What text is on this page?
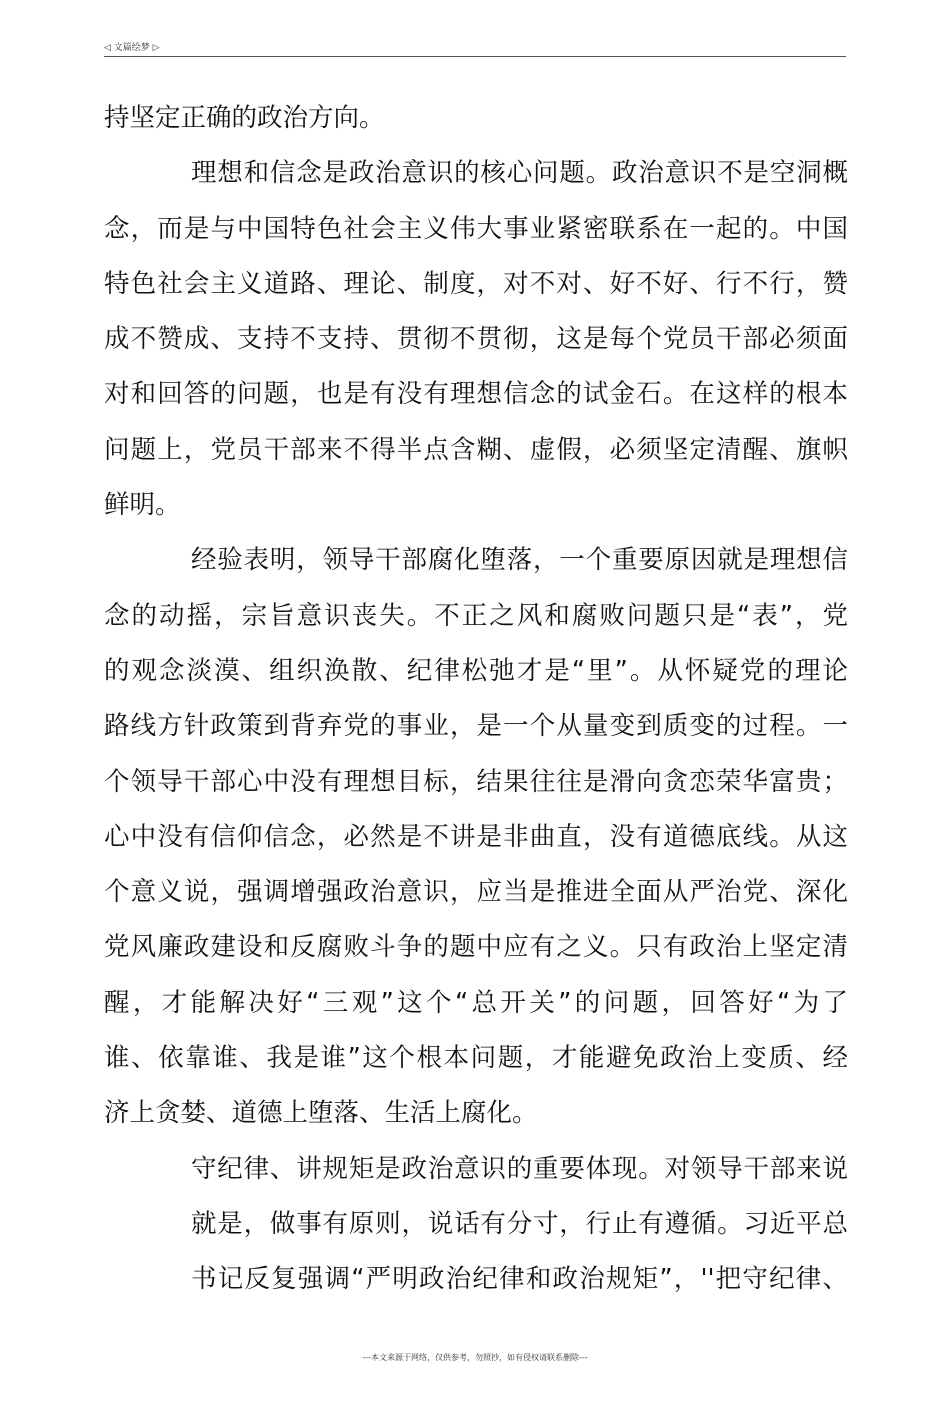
◁ 文篇绘梦 ▷
持坚定正确的政治方向。
理想和信念是政治意识的核心问题。政治意识不是空洞概
念，而是与中国特色社会主义伟大事业紧密联系在一起的。中国
特色社会主义道路、理论、制度，对不对、好不好、行不行，赞
成不赞成、支持不支持、贯彻不贯彻，这是每个党员干部必须面
对和回答的问题，也是有没有理想信念的试金石。在这样的根本
问题上，党员干部来不得半点含糊、虚假，必须坚定清醒、旗帜
鲜明。
经验表明，领导干部腐化堕落，一个重要原因就是理想信
念的动摇，宗旨意识丧失。不正之风和腐败问题只是“表”，党
的观念淡漠、组织涣散、纪律松弛才是“里”。从怀疑党的理论
路线方针政策到背弃党的事业，是一个从量变到质变的过程。一
个领导干部心中没有理想目标，结果往往是滑向贪恋荣华富贵；
心中没有信仰信念，必然是不讲是非曲直，没有道德底线。从这
个意义说，强调增强政治意识，应当是推进全面从严治党、深化
党风廉政建设和反腐败斗争的题中应有之义。只有政治上坚定清
醒，才能解决好“三观”这个“总开关”的问题，回答好“为了
谁、依靠谁、我是谁”这个根本问题，才能避免政治上变质、经
济上贪婪、道德上堕落、生活上腐化。
守纪律、讲规矩是政治意识的重要体现。对领导干部来说
就是，做事有原则，说话有分寸，行止有遵循。习近平总
书记反复强调“严明政治纪律和政治规矩”，''把守纪律、
---本文来源于网络，仅供参考，勿照抄，如有侵权请联系删除---
